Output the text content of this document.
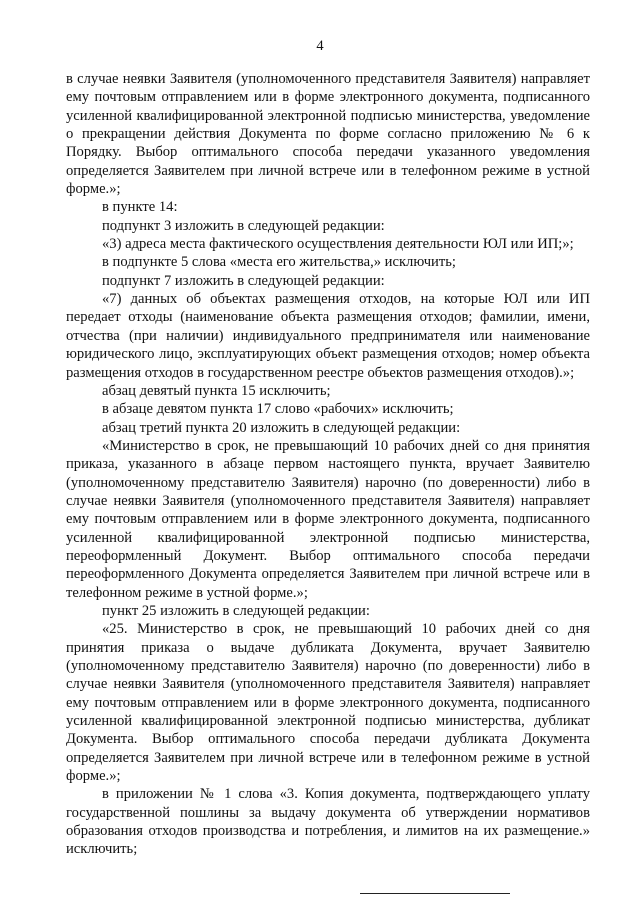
4

в случае неявки Заявителя (уполномоченного представителя Заявителя) направляет ему почтовым отправлением или в форме электронного документа, подписанного усиленной квалифицированной электронной подписью министерства, уведомление о прекращении действия Документа по форме согласно приложению № 6 к Порядку. Выбор оптимального способа передачи указанного уведомления определяется Заявителем при личной встрече или в телефонном режиме в устной форме.»;

в пункте 14:

подпункт 3 изложить в следующей редакции:

«3) адреса места фактического осуществления деятельности ЮЛ или ИП;»;

в подпункте 5 слова «места его жительства,» исключить;

подпункт 7 изложить в следующей редакции:

«7) данных об объектах размещения отходов, на которые ЮЛ или ИП передает отходы (наименование объекта размещения отходов; фамилии, имени, отчества (при наличии) индивидуального предпринимателя или наименование юридического лицо, эксплуатирующих объект размещения отходов; номер объекта размещения отходов в государственном реестре объектов размещения отходов).»;

абзац девятый пункта 15 исключить;

в абзаце девятом пункта 17 слово «рабочих» исключить;

абзац третий пункта 20 изложить в следующей редакции:

«Министерство в срок, не превышающий 10 рабочих дней со дня принятия приказа, указанного в абзаце первом настоящего пункта, вручает Заявителю (уполномоченному представителю Заявителя) нарочно (по доверенности) либо в случае неявки Заявителя (уполномоченного представителя Заявителя) направляет ему почтовым отправлением или в форме электронного документа, подписанного усиленной квалифицированной электронной подписью министерства, переоформленный Документ. Выбор оптимального способа передачи переоформленного Документа определяется Заявителем при личной встрече или в телефонном режиме в устной форме.»;

пункт 25 изложить в следующей редакции:

«25. Министерство в срок, не превышающий 10 рабочих дней со дня принятия приказа о выдаче дубликата Документа, вручает Заявителю (уполномоченному представителю Заявителя) нарочно (по доверенности) либо в случае неявки Заявителя (уполномоченного представителя Заявителя) направляет ему почтовым отправлением или в форме электронного документа, подписанного усиленной квалифицированной электронной подписью министерства, дубликат Документа. Выбор оптимального способа передачи дубликата Документа определяется Заявителем при личной встрече или в телефонном режиме в устной форме.»;

в приложении № 1 слова «3. Копия документа, подтверждающего уплату государственной пошлины за выдачу документа об утверждении нормативов образования отходов производства и потребления, и лимитов на их размещение.» исключить;
